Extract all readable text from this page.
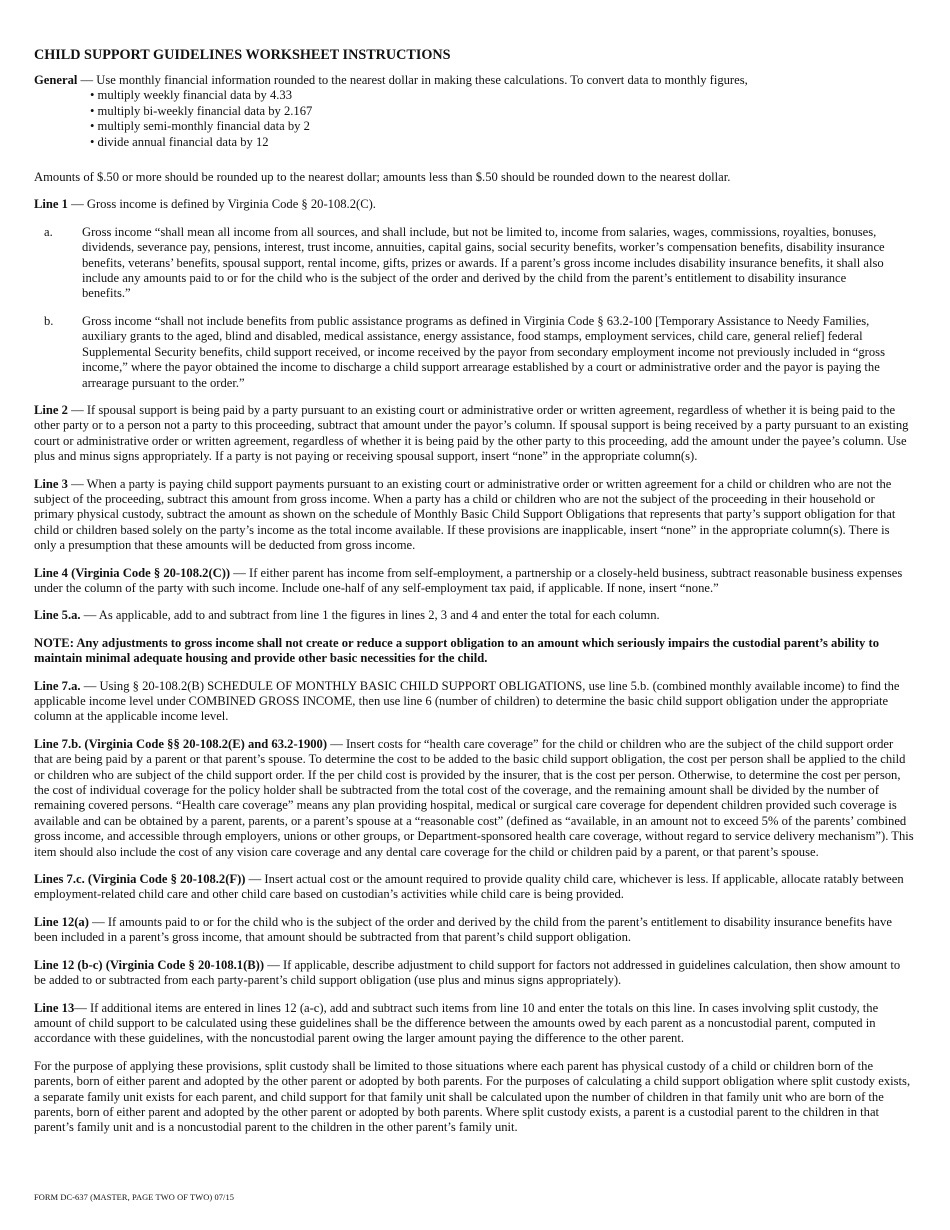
CHILD SUPPORT GUIDELINES WORKSHEET INSTRUCTIONS

General — Use monthly financial information rounded to the nearest dollar in making these calculations. To convert data to monthly figures,

• multiply weekly financial data by 4.33
• multiply bi-weekly financial data by 2.167
• multiply semi-monthly financial data by 2
• divide annual financial data by 12

Amounts of $.50 or more should be rounded up to the nearest dollar; amounts less than $.50 should be rounded down to the nearest dollar.

Line 1 — Gross income is defined by Virginia Code § 20-108.2(C).

a.	Gross income “shall mean all income from all sources, and shall include, but not be limited to, income from salaries, wages, commissions, royalties, bonuses, dividends, severance pay, pensions, interest, trust income, annuities, capital gains, social security benefits, worker’s compensation benefits, disability insurance benefits, veterans’ benefits, spousal support, rental income, gifts, prizes or awards. If a parent’s gross income includes disability insurance benefits, it shall also include any amounts paid to or for the child who is the subject of the order and derived by the child from the parent’s entitlement to disability insurance benefits.”
b.	Gross income “shall not include benefits from public assistance programs as defined in Virginia Code § 63.2-100 [Temporary Assistance to Needy Families, auxiliary grants to the aged, blind and disabled, medical assistance, energy assistance, food stamps, employment services, child care, general relief] federal Supplemental Security benefits, child support received, or income received by the payor from secondary employment income not previously included in “gross income,” where the payor obtained the income to discharge a child support arrearage established by a court or administrative order and the payor is paying the arrearage pursuant to the order.”

Line 2 — If spousal support is being paid by a party pursuant to an existing court or administrative order or written agreement, regardless of whether it is being paid to the other party or to a person not a party to this proceeding, subtract that amount under the payor’s column. If spousal support is being received by a party pursuant to an existing court or administrative order or written agreement, regardless of whether it is being paid by the other party to this proceeding, add the amount under the payee’s column. Use plus and minus signs appropriately. If a party is not paying or receiving spousal support, insert “none” in the appropriate column(s).

Line 3 — When a party is paying child support payments pursuant to an existing court or administrative order or written agreement for a child or children who are not the subject of the proceeding, subtract this amount from gross income. When a party has a child or children who are not the subject of the proceeding in their household or primary physical custody, subtract the amount as shown on the schedule of Monthly Basic Child Support Obligations that represents that party’s support obligation for that child or children based solely on the party’s income as the total income available. If these provisions are inapplicable, insert “none” in the appropriate column(s). There is only a presumption that these amounts will be deducted from gross income.

Line 4 (Virginia Code § 20-108.2(C)) — If either parent has income from self-employment, a partnership or a closely-held business, subtract reasonable business expenses under the column of the party with such income. Include one-half of any self-employment tax paid, if applicable. If none, insert “none.”

Line 5.a. — As applicable, add to and subtract from line 1 the figures in lines 2, 3 and 4 and enter the total for each column.

NOTE: Any adjustments to gross income shall not create or reduce a support obligation to an amount which seriously impairs the custodial parent’s ability to maintain minimal adequate housing and provide other basic necessities for the child.

Line 7.a. — Using § 20-108.2(B) SCHEDULE OF MONTHLY BASIC CHILD SUPPORT OBLIGATIONS, use line 5.b. (combined monthly available income) to find the applicable income level under COMBINED GROSS INCOME, then use line 6 (number of children) to determine the basic child support obligation under the appropriate column at the applicable income level.

Line 7.b. (Virginia Code §§ 20-108.2(E) and 63.2-1900) — Insert costs for “health care coverage” for the child or children who are the subject of the child support order that are being paid by a parent or that parent’s spouse. To determine the cost to be added to the basic child support obligation, the cost per person shall be applied to the child or children who are subject of the child support order. If the per child cost is provided by the insurer, that is the cost per person. Otherwise, to determine the cost per person, the cost of individual coverage for the policy holder shall be subtracted from the total cost of the coverage, and the remaining amount shall be divided by the number of remaining covered persons. “Health care coverage” means any plan providing hospital, medical or surgical care coverage for dependent children provided such coverage is available and can be obtained by a parent, parents, or a parent’s spouse at a “reasonable cost” (defined as “available, in an amount not to exceed 5% of the parents’ combined gross income, and accessible through employers, unions or other groups, or Department-sponsored health care coverage, without regard to service delivery mechanism”). This item should also include the cost of any vision care coverage and any dental care coverage for the child or children paid by a parent, or that parent’s spouse.

Lines 7.c. (Virginia Code § 20-108.2(F)) — Insert actual cost or the amount required to provide quality child care, whichever is less. If applicable, allocate ratably between employment-related child care and other child care based on custodian’s activities while child care is being provided.

Line 12(a) — If amounts paid to or for the child who is the subject of the order and derived by the child from the parent’s entitlement to disability insurance benefits have been included in a parent’s gross income, that amount should be subtracted from that parent’s child support obligation.

Line 12 (b-c) (Virginia Code § 20-108.1(B)) — If applicable, describe adjustment to child support for factors not addressed in guidelines calculation, then show amount to be added to or subtracted from each party-parent’s child support obligation (use plus and minus signs appropriately).

Line 13— If additional items are entered in lines 12 (a-c), add and subtract such items from line 10 and enter the totals on this line. In cases involving split custody, the amount of child support to be calculated using these guidelines shall be the difference between the amounts owed by each parent as a noncustodial parent, computed in accordance with these guidelines, with the noncustodial parent owing the larger amount paying the difference to the other parent.

For the purpose of applying these provisions, split custody shall be limited to those situations where each parent has physical custody of a child or children born of the parents, born of either parent and adopted by the other parent or adopted by both parents. For the purposes of calculating a child support obligation where split custody exists, a separate family unit exists for each parent, and child support for that family unit shall be calculated upon the number of children in that family unit who are born of the parents, born of either parent and adopted by the other parent or adopted by both parents. Where split custody exists, a parent is a custodial parent to the children in that parent’s family unit and is a noncustodial parent to the children in the other parent’s family unit.

FORM DC-637 (MASTER, PAGE TWO OF TWO) 07/15
